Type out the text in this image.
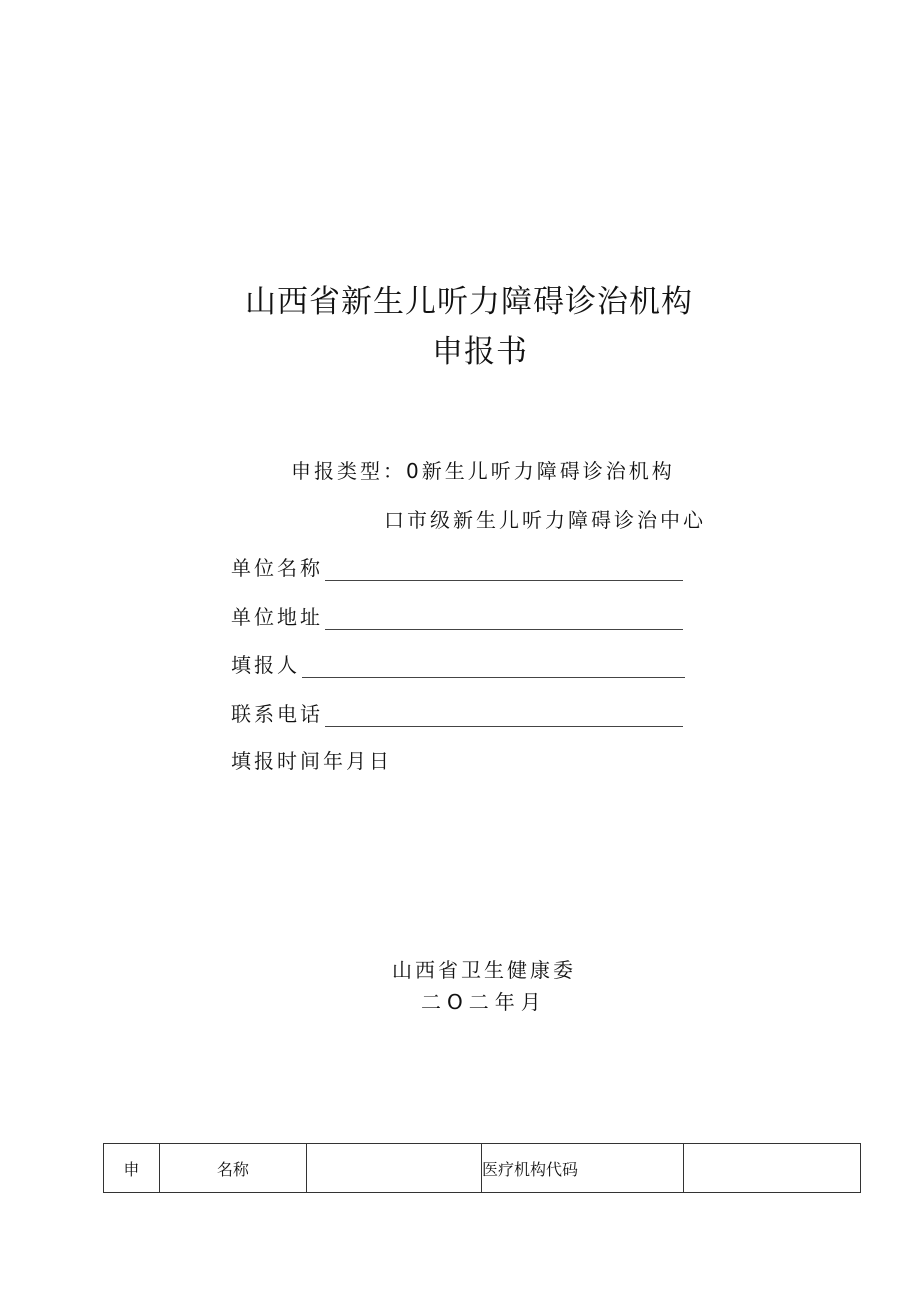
山西省新生儿听力障碍诊治机构
申报书
申报类型：0新生儿听力障碍诊治机构
口市级新生儿听力障碍诊治中心
单位名称
单位地址
填报人
联系电话
填报时间年月日
山西省卫生健康委
二O二年月
申	名称		医疗机构代码	
